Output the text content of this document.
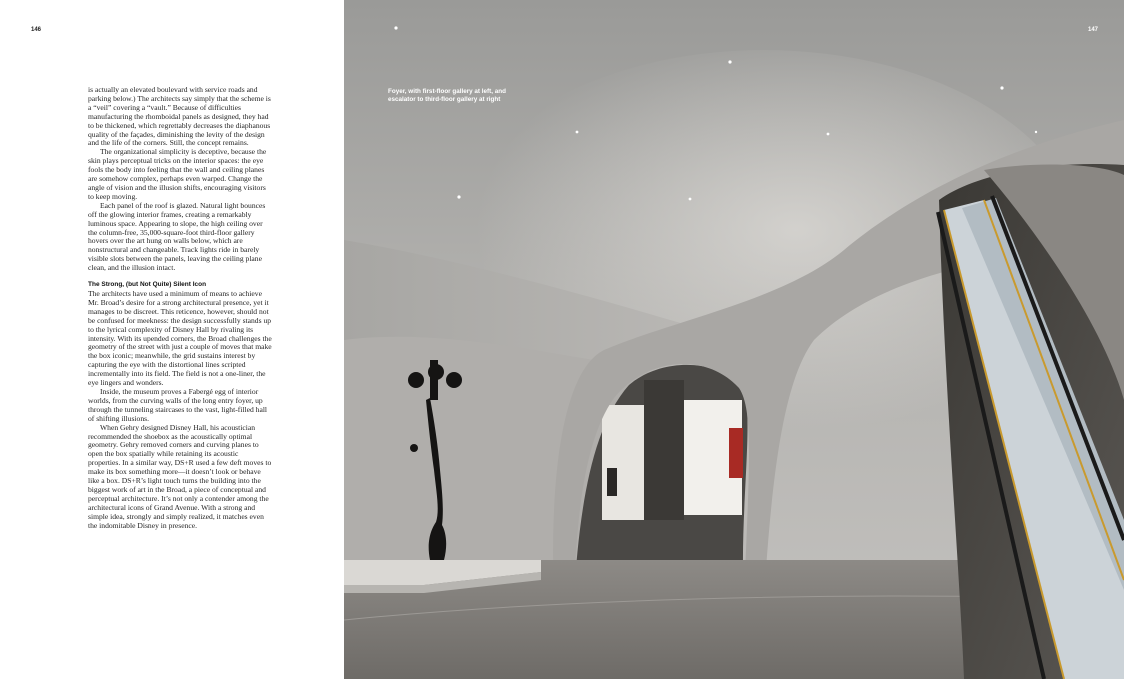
146

is actually an elevated boulevard with service roads and parking below.) The architects say simply that the scheme is a “veil” covering a “vault.” Because of difficulties manufacturing the rhomboidal panels as designed, they had to be thickened, which regrettably decreases the diaphanous quality of the façades, diminishing the levity of the design and the life of the corners. Still, the concept remains.

The organizational simplicity is deceptive, because the skin plays perceptual tricks on the interior spaces: the eye fools the body into feeling that the wall and ceiling planes are somehow complex, perhaps even warped. Change the angle of vision and the illusion shifts, encouraging visitors to keep moving.

Each panel of the roof is glazed. Natural light bounces off the glowing interior frames, creating a remarkably luminous space. Appearing to slope, the high ceiling over the column-free, 35,000-square-foot third-floor gallery hovers over the art hung on walls below, which are nonstructural and changeable. Track lights ride in barely visible slots between the panels, leaving the ceiling plane clean, and the illusion intact.

The Strong, (but Not Quite) Silent Icon

The architects have used a minimum of means to achieve Mr. Broad’s desire for a strong architectural presence, yet it manages to be discreet. This reticence, however, should not be confused for meekness: the design successfully stands up to the lyrical complexity of Disney Hall by rivaling its intensity. With its upended corners, the Broad challenges the geometry of the street with just a couple of moves that make the box iconic; meanwhile, the grid sustains interest by capturing the eye with the distortional lines scripted incrementally into its field. The field is not a one-liner, the eye lingers and wonders.

Inside, the museum proves a Fabergé egg of interior worlds, from the curving walls of the long entry foyer, up through the tunneling staircases to the vast, light-filled hall of shifting illusions.

When Gehry designed Disney Hall, his acoustician recommended the shoebox as the acoustically optimal geometry. Gehry removed corners and curving planes to open the box spatially while retaining its acoustic properties. In a similar way, DS+R used a few deft moves to make its box something more—it doesn’t look or behave like a box. DS+R’s light touch turns the building into the biggest work of art in the Broad, a piece of conceptual and perceptual architecture. It’s not only a contender among the architectural icons of Grand Avenue. With a strong and simple idea, strongly and simply realized, it matches even the indomitable Disney in presence.

147
Foyer, with first-floor gallery at left, and escalator to third-floor gallery at right
